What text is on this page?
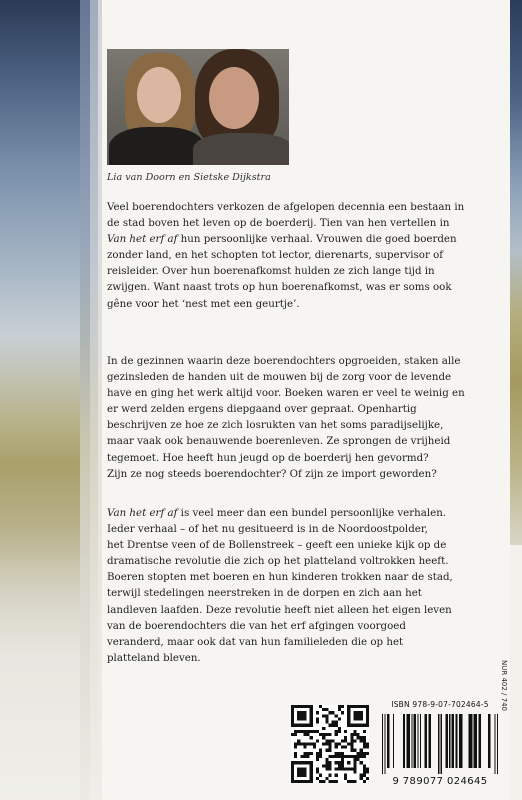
Lia van Doorn en Sietske Dijkstra
Veel boerendochters verkozen de afgelopen decennia een bestaan in
de stad boven het leven op de boerderij. Tien van hen vertellen in
Van het erf af hun persoonlijke verhaal. Vrouwen die goed boerden
zonder land, en het schopten tot lector, dierenarts, supervisor of
reisleider. Over hun boerenafkomst hulden ze zich lange tijd in
zwijgen. Want naast trots op hun boerenafkomst, was er soms ook
gêne voor het ‘nest met een geurtje’.
In de gezinnen waarin deze boerendochters opgroeiden, staken alle
gezinsleden de handen uit de mouwen bij de zorg voor de levende
have en ging het werk altijd voor. Boeken waren er veel te weinig en
er werd zelden ergens diepgaand over gepraat. Openhartig
beschrijven ze hoe ze zich losrukten van het soms paradijselijke,
maar vaak ook benauwende boerenleven. Ze sprongen de vrijheid
tegemoet. Hoe heeft hun jeugd op de boerderij hen gevormd?
Zijn ze nog steeds boerendochter? Of zijn ze import geworden?
Van het erf af is veel meer dan een bundel persoonlijke verhalen.
Ieder verhaal – of het nu gesitueerd is in de Noordoostpolder,
het Drentse veen of de Bollenstreek – geeft een unieke kijk op de
dramatische revolutie die zich op het platteland voltrokken heeft.
Boeren stopten met boeren en hun kinderen trokken naar de stad,
terwijl stedelingen neerstreken in de dorpen en zich aan het
landleven laafden. Deze revolutie heeft niet alleen het eigen leven
van de boerendochters die van het erf afgingen voorgoed
veranderd, maar ook dat van hun familieleden die op het
platteland bleven.
ISBN 978-9-07-702464-5
9 789077 024645
NUR 402 / 740
